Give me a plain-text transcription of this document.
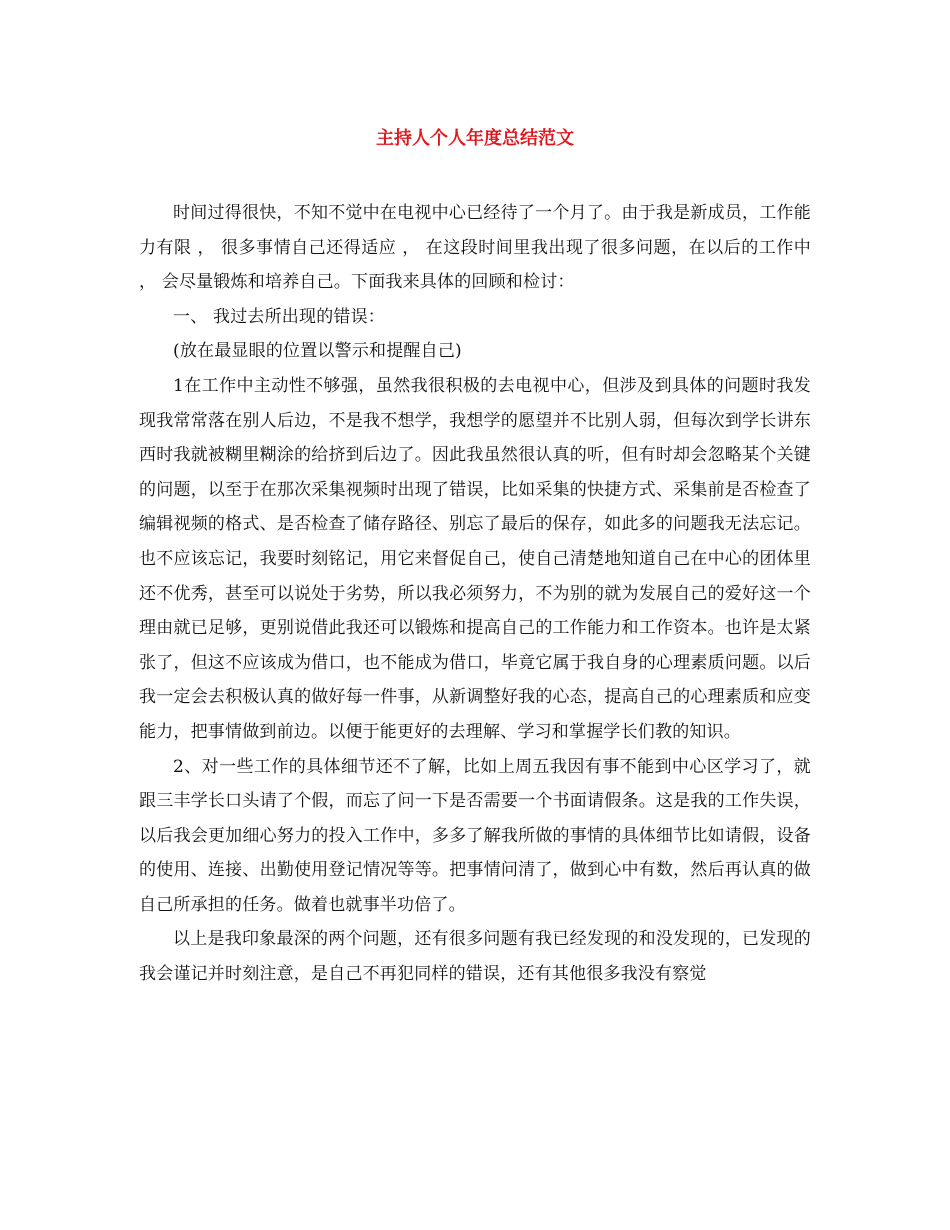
主持人个人年度总结范文

时间过得很快，不知不觉中在电视中心已经待了一个月了。由于我是新成员，工作能力有限 ， 很多事情自己还得适应 ， 在这段时间里我出现了很多问题，在以后的工作中 ， 会尽量锻炼和培养自己。下面我来具体的回顾和检讨：

一、 我过去所出现的错误：

(放在最显眼的位置以警示和提醒自己)

1在工作中主动性不够强，虽然我很积极的去电视中心，但涉及到具体的问题时我发现我常常落在别人后边，不是我不想学，我想学的愿望并不比别人弱，但每次到学长讲东西时我就被糊里糊涂的给挤到后边了。因此我虽然很认真的听，但有时却会忽略某个关键的问题，以至于在那次采集视频时出现了错误，比如采集的快捷方式、采集前是否检查了编辑视频的格式、是否检查了储存路径、别忘了最后的保存，如此多的问题我无法忘记。也不应该忘记，我要时刻铭记，用它来督促自己，使自己清楚地知道自己在中心的团体里还不优秀，甚至可以说处于劣势，所以我必须努力，不为别的就为发展自己的爱好这一个理由就已足够，更别说借此我还可以锻炼和提高自己的工作能力和工作资本。也许是太紧张了，但这不应该成为借口，也不能成为借口，毕竟它属于我自身的心理素质问题。以后我一定会去积极认真的做好每一件事，从新调整好我的心态，提高自己的心理素质和应变能力，把事情做到前边。以便于能更好的去理解、学习和掌握学长们教的知识。

2、对一些工作的具体细节还不了解，比如上周五我因有事不能到中心区学习了，就跟三丰学长口头请了个假，而忘了问一下是否需要一个书面请假条。这是我的工作失误，以后我会更加细心努力的投入工作中，多多了解我所做的事情的具体细节比如请假，设备的使用、连接、出勤使用登记情况等等。把事情问清了，做到心中有数，然后再认真的做自己所承担的任务。做着也就事半功倍了。

以上是我印象最深的两个问题，还有很多问题有我已经发现的和没发现的，已发现的我会谨记并时刻注意，是自己不再犯同样的错误，还有其他很多我没有察觉
